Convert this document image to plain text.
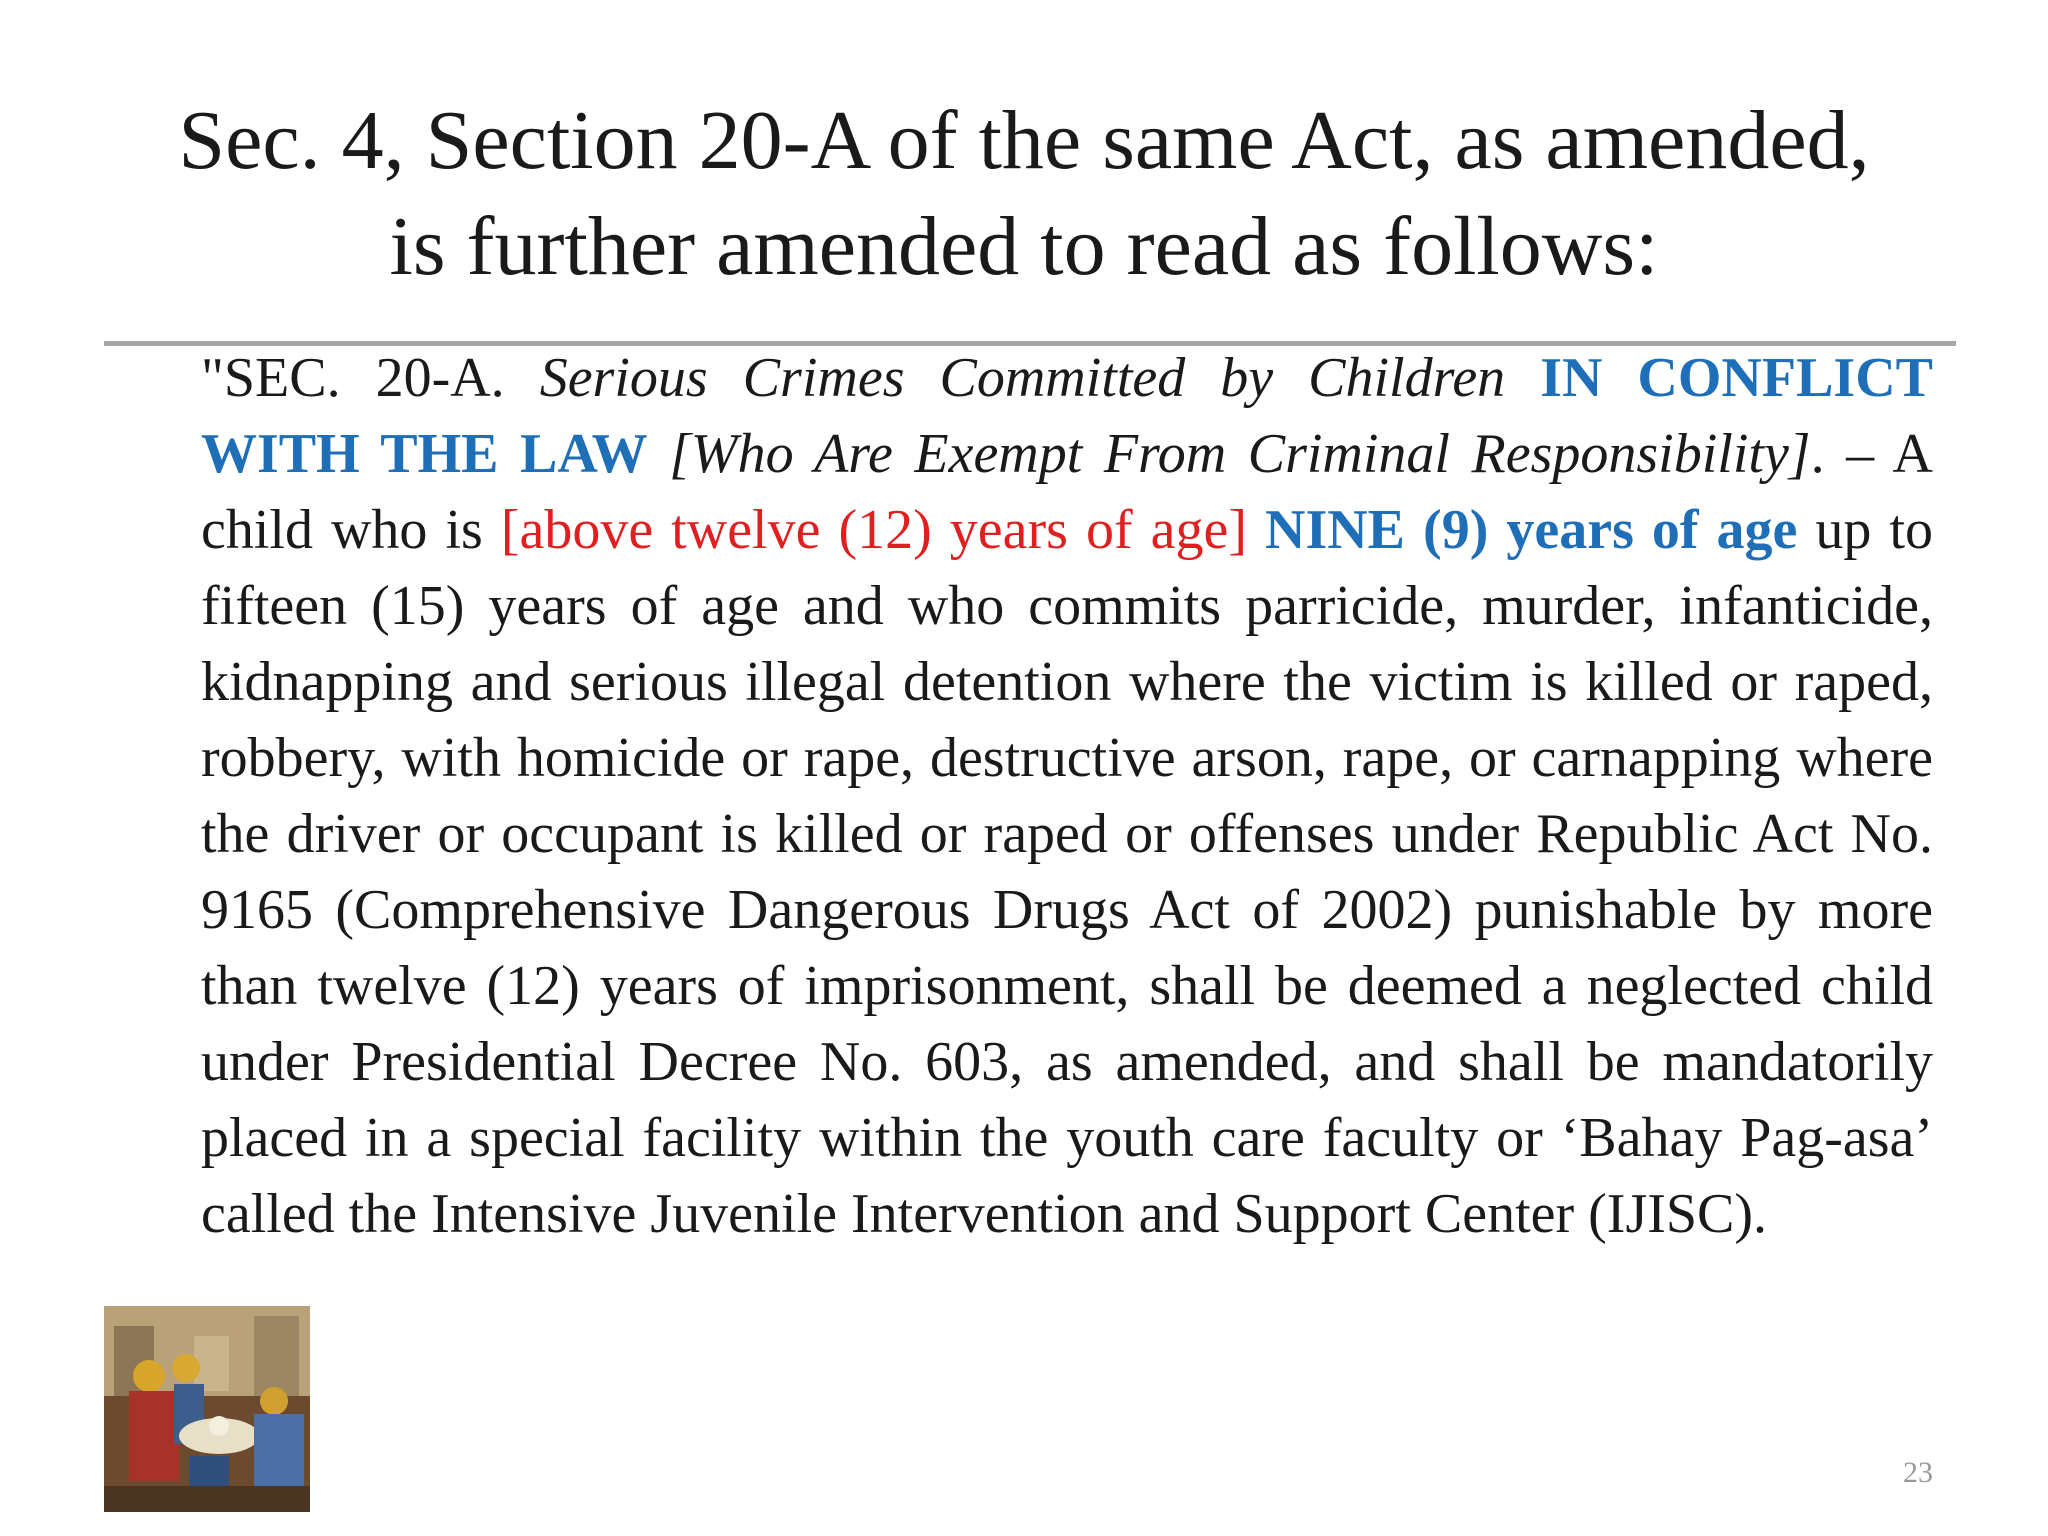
Sec. 4, Section 20-A of the same Act, as amended,
is further amended to read as follows:

"SEC. 20-A. Serious Crimes Committed by Children IN CONFLICT WITH THE LAW [Who Are Exempt From Criminal Responsibility]. – A child who is [above twelve (12) years of age] NINE (9) years of age up to fifteen (15) years of age and who commits parricide, murder, infanticide, kidnapping and serious illegal detention where the victim is killed or raped, robbery, with homicide or rape, destructive arson, rape, or carnapping where the driver or occupant is killed or raped or offenses under Republic Act No. 9165 (Comprehensive Dangerous Drugs Act of 2002) punishable by more than twelve (12) years of imprisonment, shall be deemed a neglected child under Presidential Decree No. 603, as amended, and shall be mandatorily placed in a special facility within the youth care faculty or ‘Bahay Pag-asa’ called the Intensive Juvenile Intervention and Support Center (IJISC).

23
